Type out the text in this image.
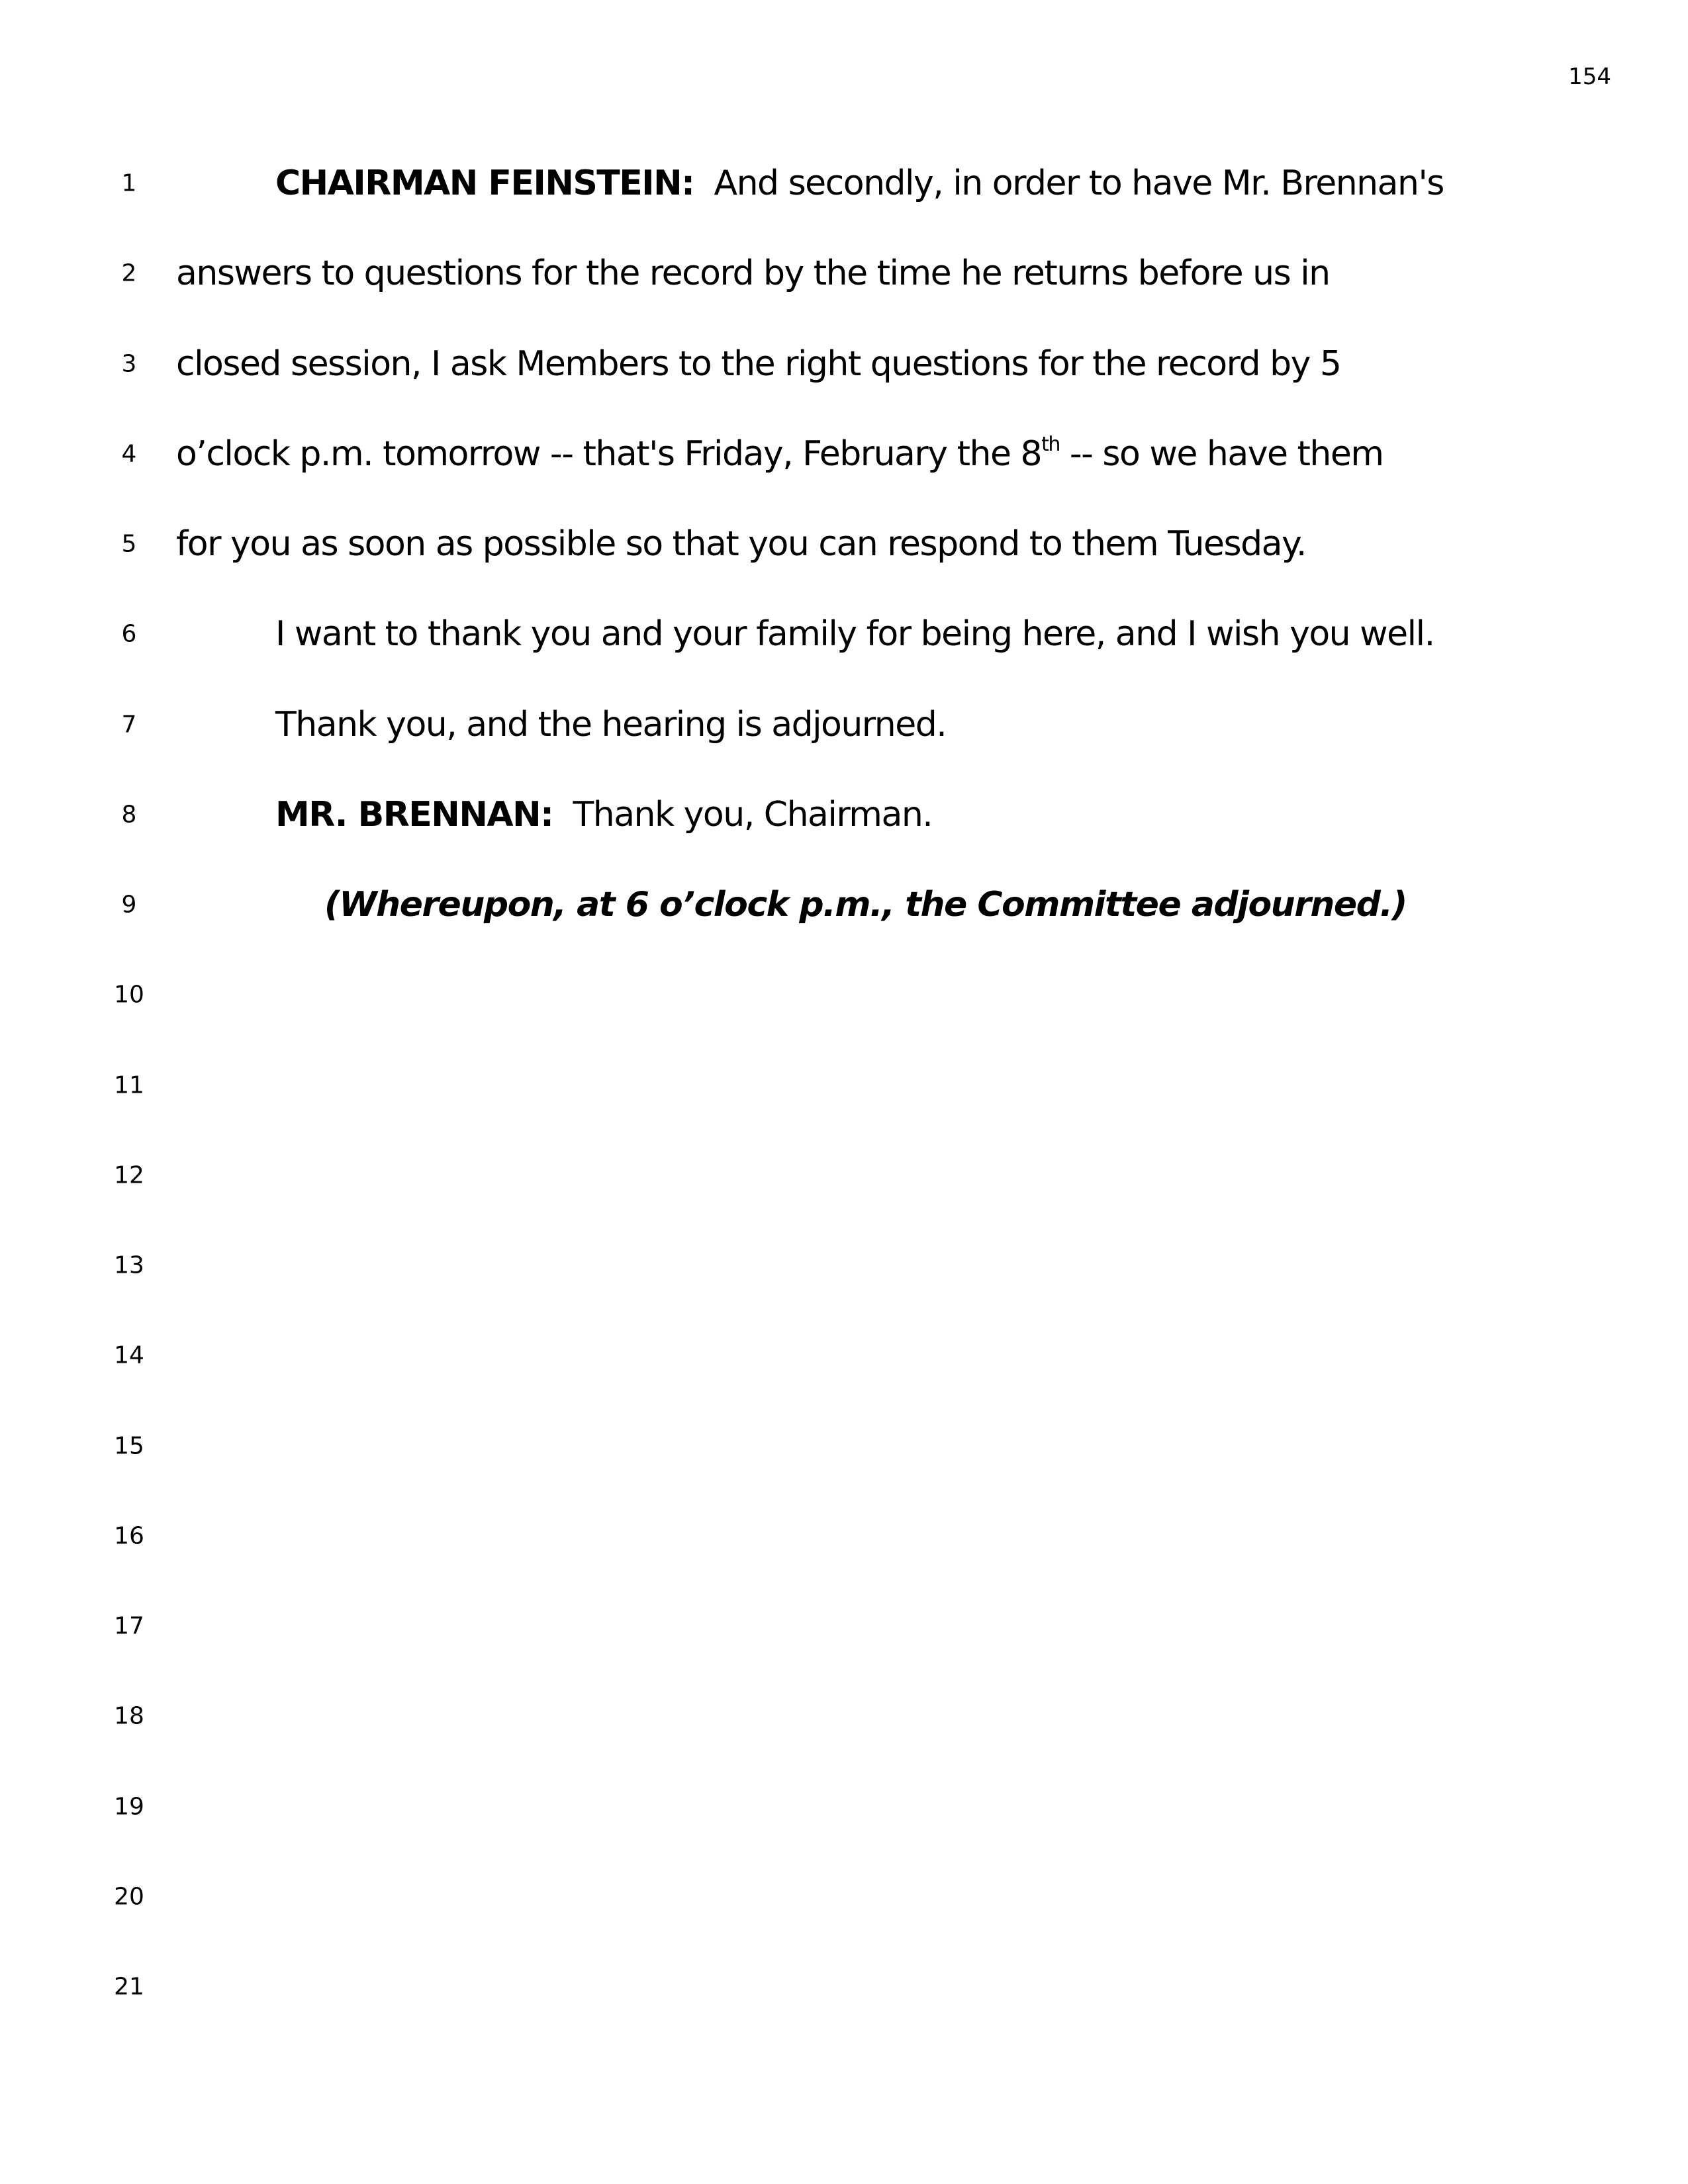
154
1	CHAIRMAN FEINSTEIN: And secondly, in order to have Mr. Brennan's
2	answers to questions for the record by the time he returns before us in
3	closed session, I ask Members to the right questions for the record by 5
4	o’clock p.m. tomorrow -- that's Friday, February the 8th -- so we have them
5	for you as soon as possible so that you can respond to them Tuesday.
6	I want to thank you and your family for being here, and I wish you well.
7	Thank you, and the hearing is adjourned.
8	MR. BRENNAN: Thank you, Chairman.
9	(Whereupon, at 6 o’clock p.m., the Committee adjourned.)
10
11
12
13
14
15
16
17
18
19
20
21
